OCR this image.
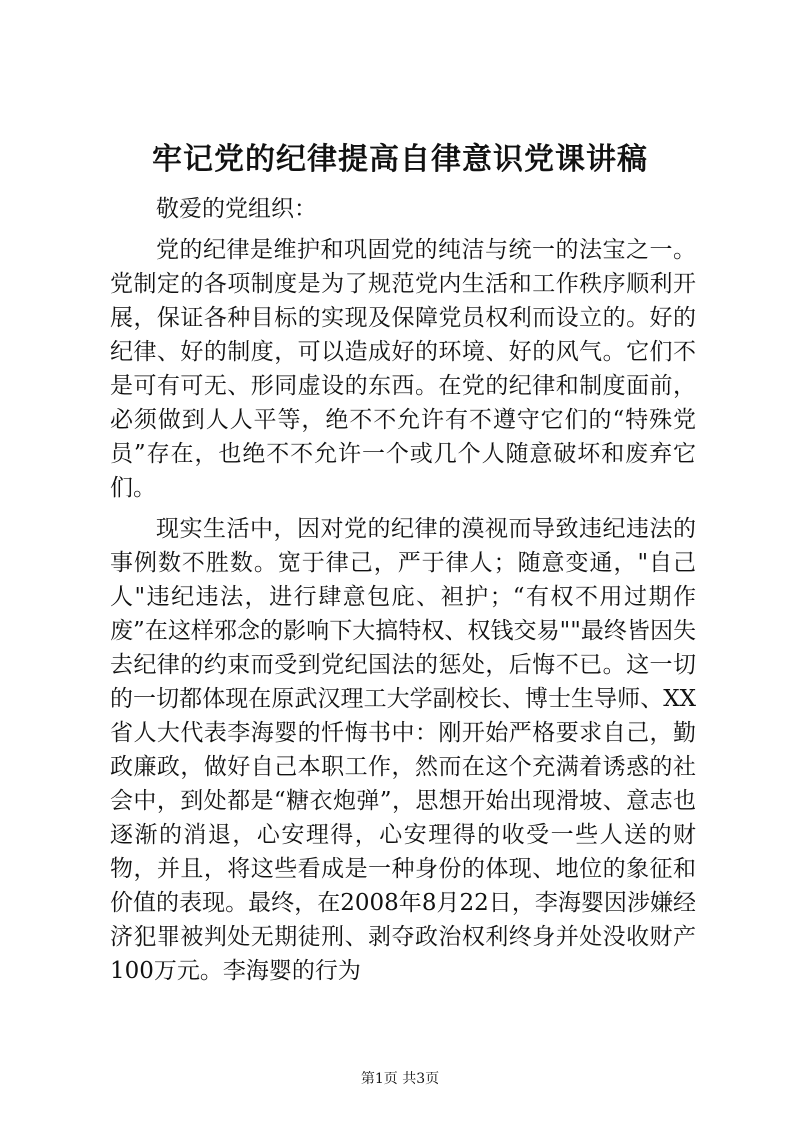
牢记党的纪律提高自律意识党课讲稿

敬爱的党组织：

党的纪律是维护和巩固党的纯洁与统一的法宝之一。党制定的各项制度是为了规范党内生活和工作秩序顺利开展，保证各种目标的实现及保障党员权利而设立的。好的纪律、好的制度，可以造成好的环境、好的风气。它们不是可有可无、形同虚设的东西。在党的纪律和制度面前，必须做到人人平等，绝不不允许有不遵守它们的“特殊党员”存在，也绝不不允许一个或几个人随意破坏和废弃它们。

现实生活中，因对党的纪律的漠视而导致违纪违法的事例数不胜数。宽于律己，严于律人；随意变通，"自己人"违纪违法，进行肆意包庇、袒护；“有权不用过期作废”在这样邪念的影响下大搞特权、权钱交易""最终皆因失去纪律的约束而受到党纪国法的惩处，后悔不已。这一切的一切都体现在原武汉理工大学副校长、博士生导师、XX省人大代表李海婴的忏悔书中：刚开始严格要求自己，勤政廉政，做好自己本职工作，然而在这个充满着诱惑的社会中，到处都是“糖衣炮弹”，思想开始出现滑坡、意志也逐渐的消退，心安理得，心安理得的收受一些人送的财物，并且，将这些看成是一种身份的体现、地位的象征和价值的表现。最终，在2008年8月22日，李海婴因涉嫌经济犯罪被判处无期徒刑、剥夺政治权利终身并处没收财产100万元。李海婴的行为

第1页 共3页
